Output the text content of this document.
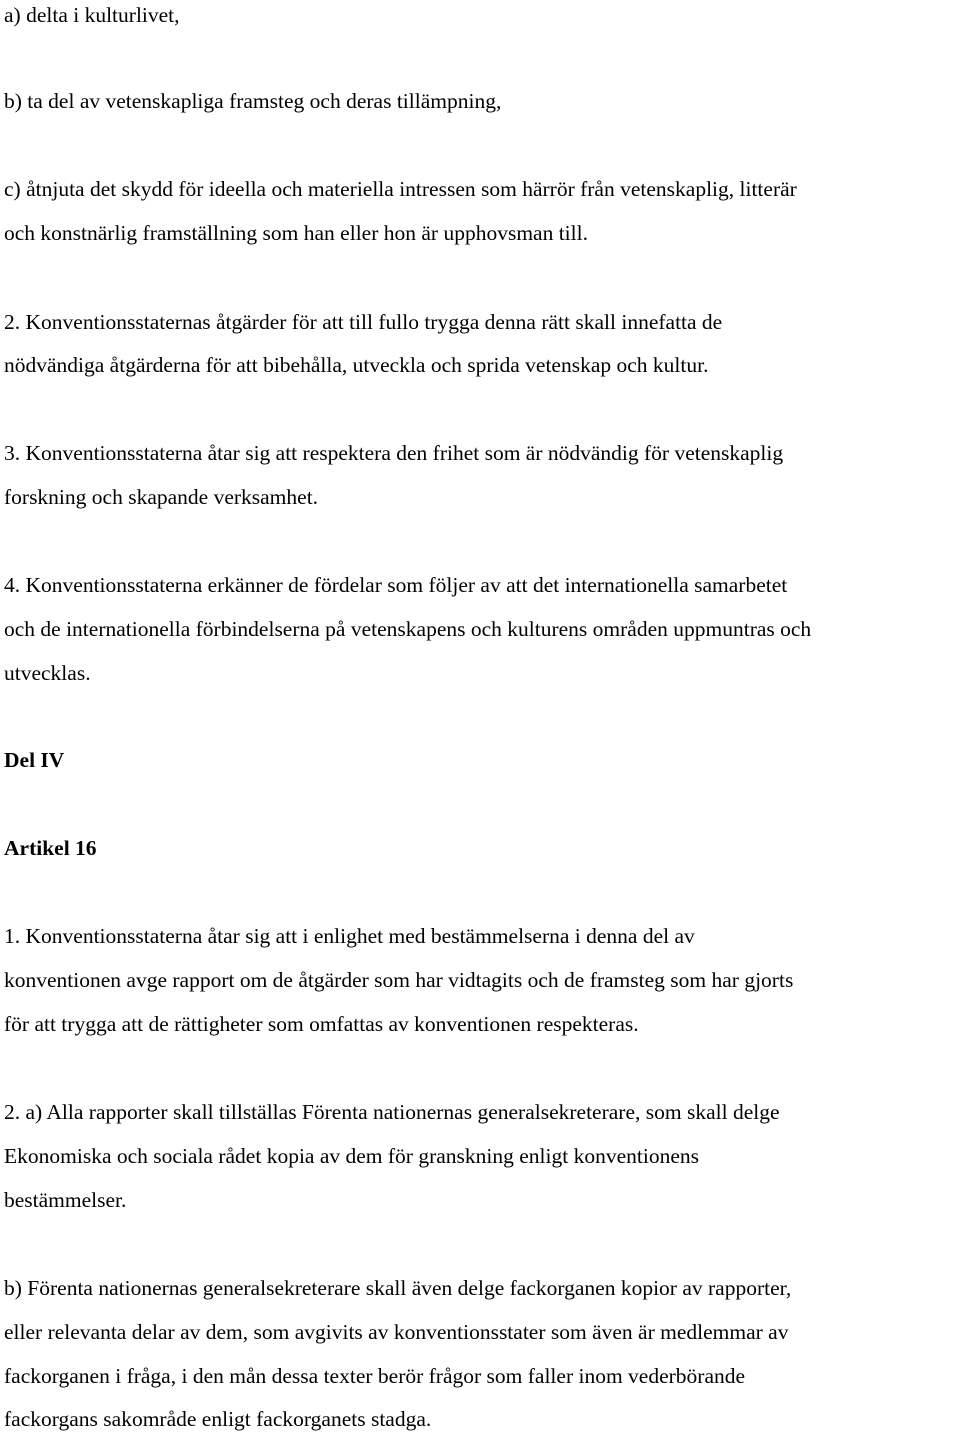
a) delta i kulturlivet,

b) ta del av vetenskapliga framsteg och deras tillämpning,

c) åtnjuta det skydd för ideella och materiella intressen som härrör från vetenskaplig, litterär

och konstnärlig framställning som han eller hon är upphovsman till.

2. Konventionsstaternas åtgärder för att till fullo trygga denna rätt skall innefatta de

nödvändiga åtgärderna för att bibehålla, utveckla och sprida vetenskap och kultur.

3. Konventionsstaterna åtar sig att respektera den frihet som är nödvändig för vetenskaplig

forskning och skapande verksamhet.

4. Konventionsstaterna erkänner de fördelar som följer av att det internationella samarbetet

och de internationella förbindelserna på vetenskapens och kulturens områden uppmuntras och

utvecklas.

Del IV

Artikel 16

1. Konventionsstaterna åtar sig att i enlighet med bestämmelserna i denna del av

konventionen avge rapport om de åtgärder som har vidtagits och de framsteg som har gjorts

för att trygga att de rättigheter som omfattas av konventionen respekteras.

2. a) Alla rapporter skall tillställas Förenta nationernas generalsekreterare, som skall delge

Ekonomiska och sociala rådet kopia av dem för granskning enligt konventionens

bestämmelser.

b) Förenta nationernas generalsekreterare skall även delge fackorganen kopior av rapporter,

eller relevanta delar av dem, som avgivits av konventionsstater som även är medlemmar av

fackorganen i fråga, i den mån dessa texter berör frågor som faller inom vederbörande

fackorgans sakområde enligt fackorganets stadga.
